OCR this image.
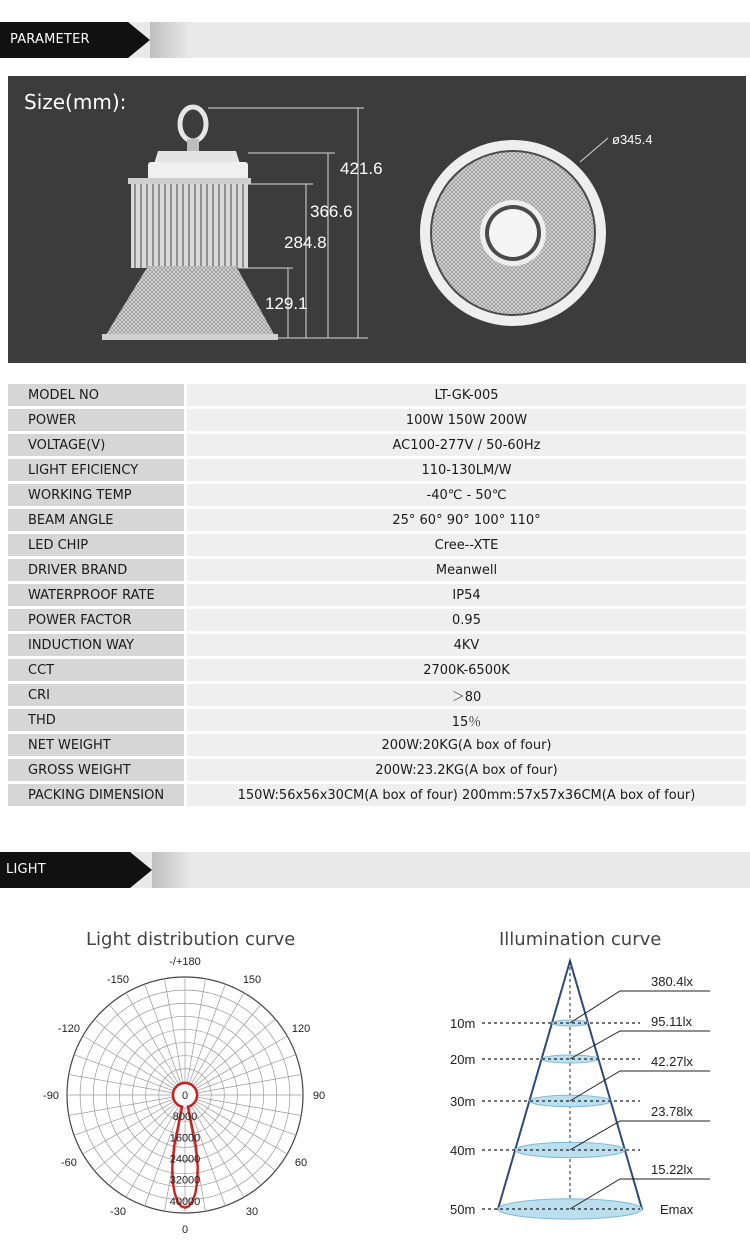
PARAMETER
Size(mm):
421.6
366.6
284.8
129.1
ø345.4
MODEL NO	LT-GK-005
POWER	100W 150W 200W
VOLTAGE(V)	AC100-277V / 50-60Hz
LIGHT EFICIENCY	110-130LM/W
WORKING TEMP	-40℃ - 50℃
BEAM ANGLE	25° 60° 90° 100° 110°
LED CHIP	Cree--XTE
DRIVER BRAND	Meanwell
WATERPROOF RATE	IP54
POWER FACTOR	0.95
INDUCTION WAY	4KV
CCT	2700K-6500K
CRI	＞80
THD	15％
NET WEIGHT	200W:20KG(A box of four)
GROSS WEIGHT	200W:23.2KG(A box of four)
PACKING DIMENSION	150W:56x56x30CM(A box of four) 200mm:57x57x36CM(A box of four)
LIGHT DISTRIBUTION
Light distribution curve
-/+180
150
-150
120
-120
90
-90
60
-60
30
-30
0
0
8000
16000
24000
32000
40000
Illumination curve
10m
380.4lx
20m
95.11lx
30m
42.27lx
40m
23.78lx
50m
15.22lx
Emax
